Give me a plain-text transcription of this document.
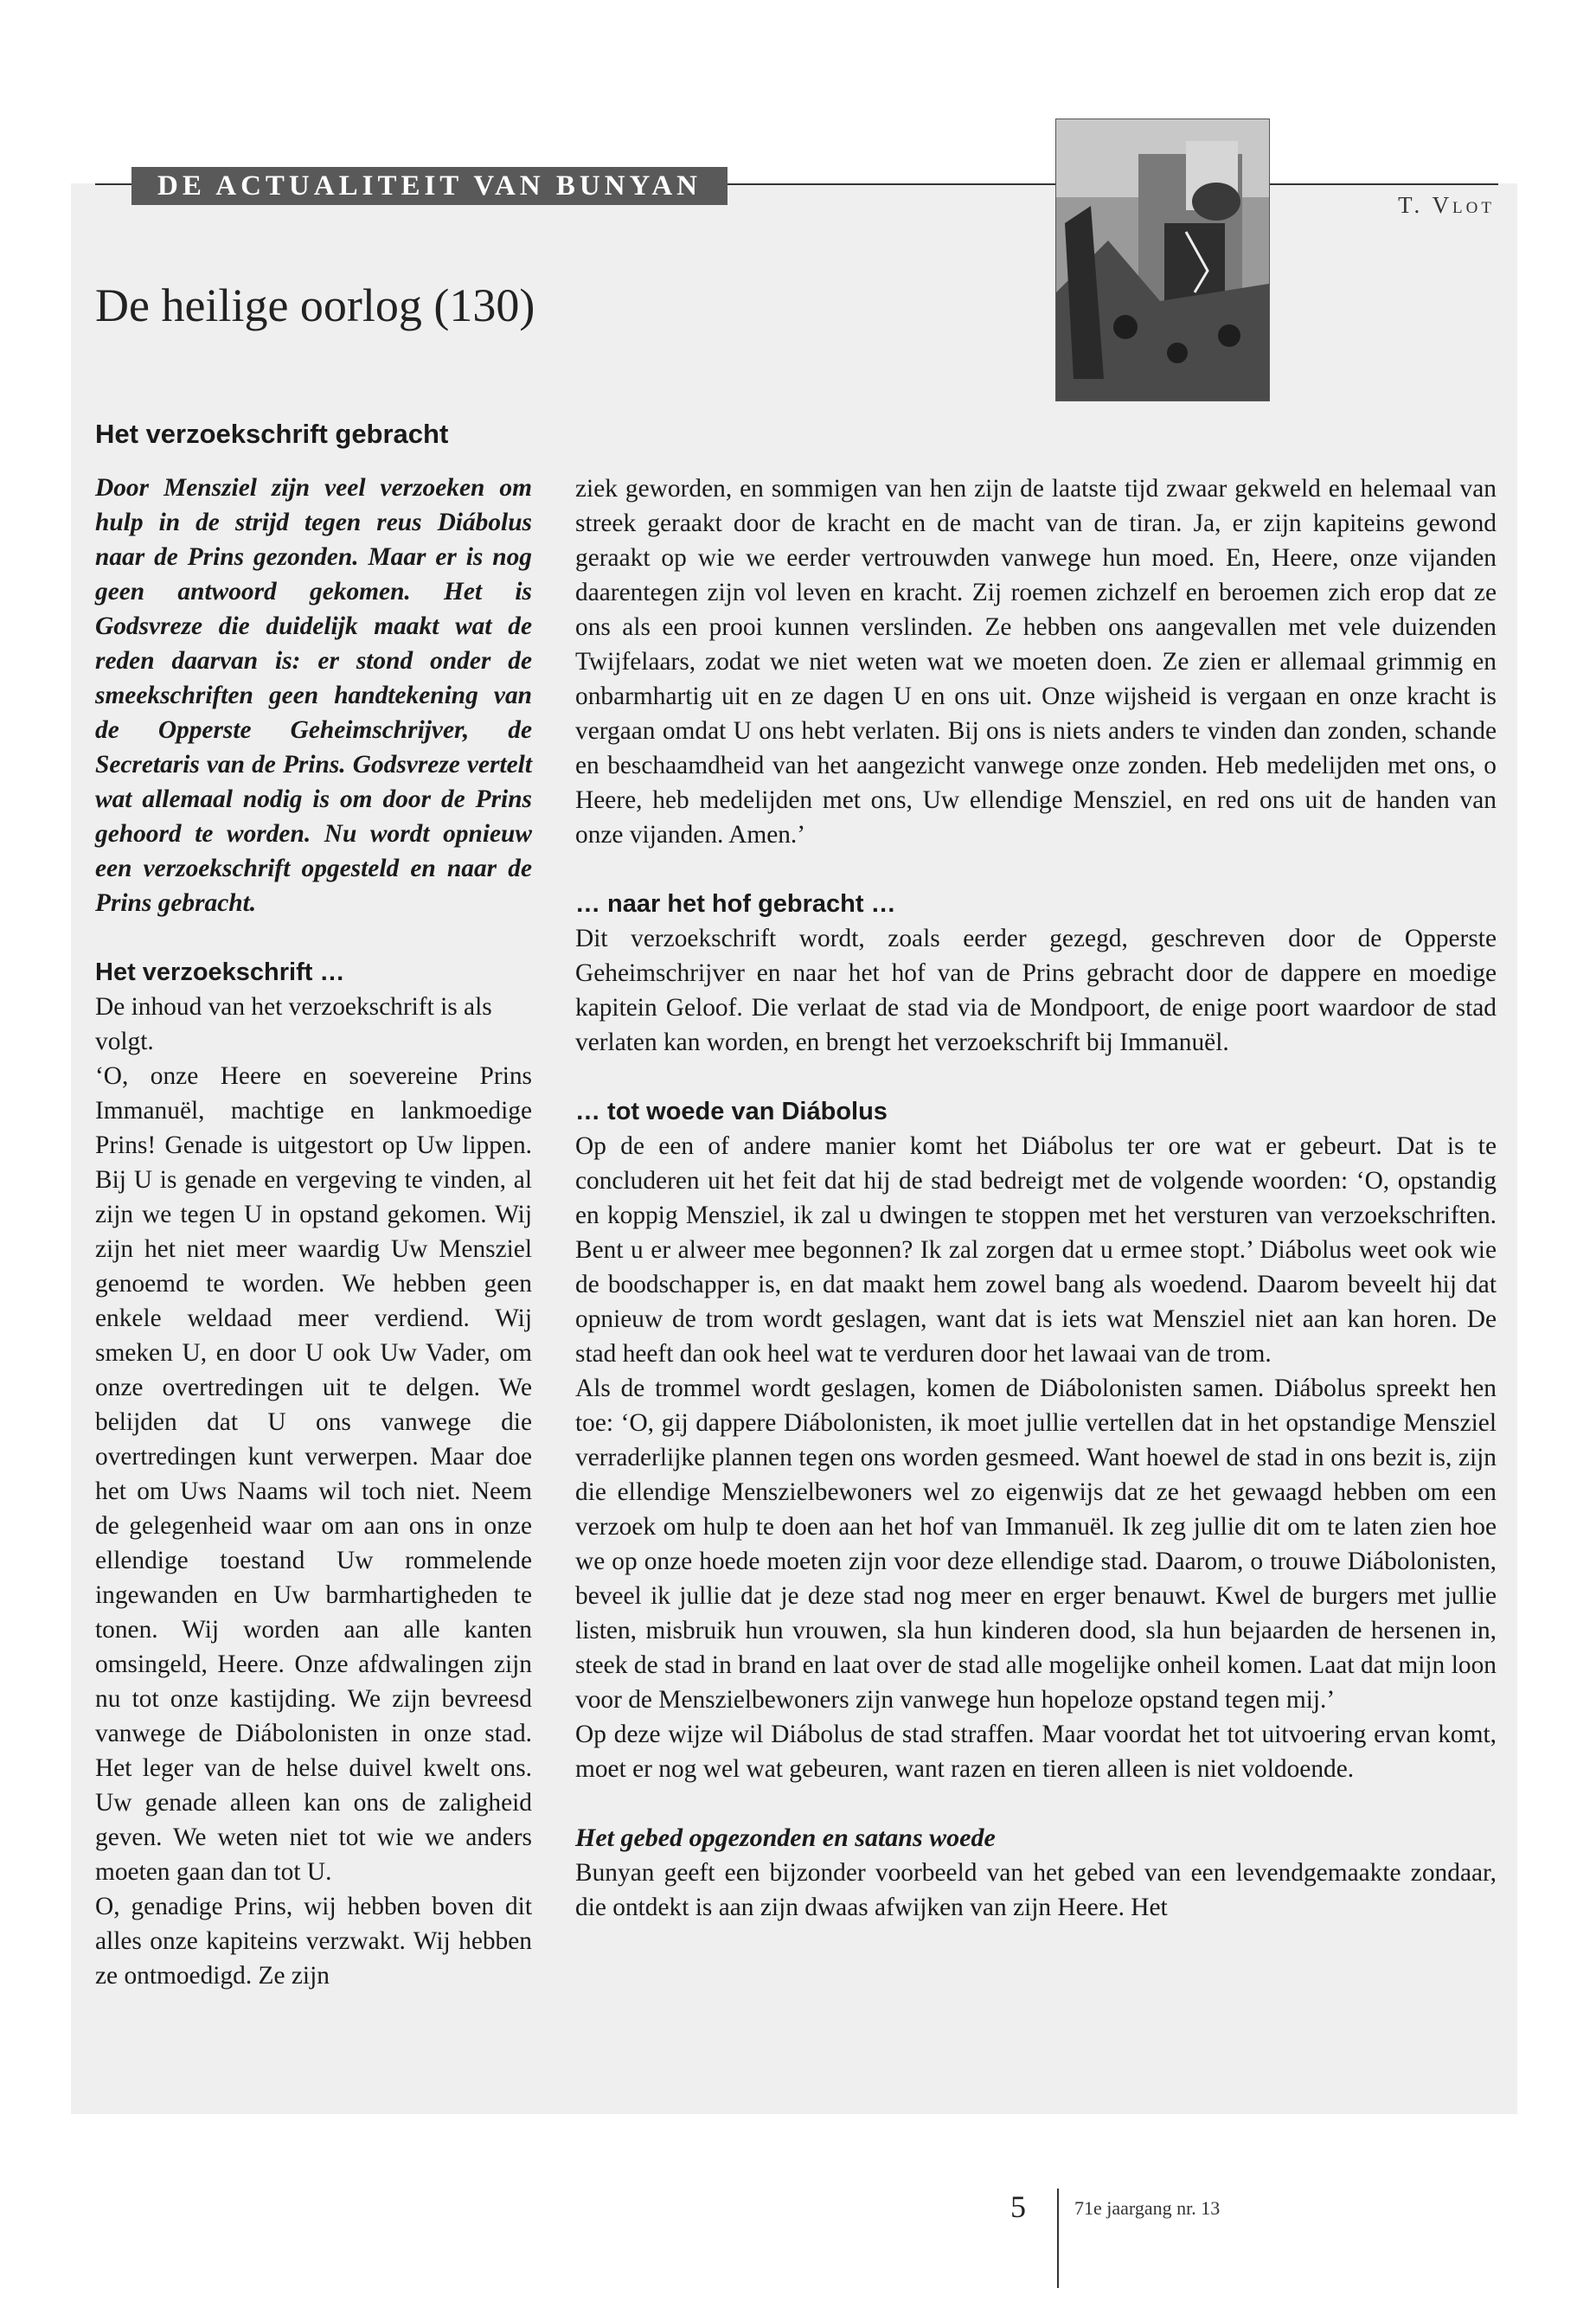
DE ACTUALITEIT VAN BUNYAN
T. Vlot
De heilige oorlog (130)
Het verzoekschrift gebracht
Door Mensziel zijn veel verzoeken om hulp in de strijd tegen reus Diábolus naar de Prins gezonden. Maar er is nog geen antwoord gekomen. Het is Godsvreze die duidelijk maakt wat de reden daarvan is: er stond onder de smeekschriften geen handtekening van de Opperste Geheimschrijver, de Secretaris van de Prins. Godsvreze vertelt wat allemaal nodig is om door de Prins gehoord te worden. Nu wordt opnieuw een verzoekschrift opgesteld en naar de Prins gebracht.
Het verzoekschrift …
De inhoud van het verzoekschrift is als volgt.
‘O, onze Heere en soevereine Prins Immanuël, machtige en lankmoedige Prins! Genade is uitgestort op Uw lippen. Bij U is genade en vergeving te vinden, al zijn we tegen U in opstand gekomen. Wij zijn het niet meer waardig Uw Mensziel genoemd te worden. We hebben geen enkele weldaad meer verdiend. Wij smeken U, en door U ook Uw Vader, om onze overtredingen uit te delgen. We belijden dat U ons vanwege die overtredingen kunt verwerpen. Maar doe het om Uws Naams wil toch niet. Neem de gelegenheid waar om aan ons in onze ellendige toestand Uw rommelende ingewanden en Uw barmhartigheden te tonen. Wij worden aan alle kanten omsingeld, Heere. Onze afdwalingen zijn nu tot onze kastijding. We zijn bevreesd vanwege de Diábolonisten in onze stad. Het leger van de helse duivel kwelt ons. Uw genade alleen kan ons de zaligheid geven. We weten niet tot wie we anders moeten gaan dan tot U.
O, genadige Prins, wij hebben boven dit alles onze kapiteins verzwakt. Wij hebben ze ontmoedigd. Ze zijn
ziek geworden, en sommigen van hen zijn de laatste tijd zwaar gekweld en helemaal van streek geraakt door de kracht en de macht van de tiran. Ja, er zijn kapiteins gewond geraakt op wie we eerder vertrouwden vanwege hun moed. En, Heere, onze vijanden daarentegen zijn vol leven en kracht. Zij roemen zichzelf en beroemen zich erop dat ze ons als een prooi kunnen verslinden. Ze hebben ons aangevallen met vele duizenden Twijfelaars, zodat we niet weten wat we moeten doen. Ze zien er allemaal grimmig en onbarmhartig uit en ze dagen U en ons uit. Onze wijsheid is vergaan en onze kracht is vergaan omdat U ons hebt verlaten. Bij ons is niets anders te vinden dan zonden, schande en beschaamdheid van het aangezicht vanwege onze zonden. Heb medelijden met ons, o Heere, heb medelijden met ons, Uw ellendige Mensziel, en red ons uit de handen van onze vijanden. Amen.’
… naar het hof gebracht …
Dit verzoekschrift wordt, zoals eerder gezegd, geschreven door de Opperste Geheimschrijver en naar het hof van de Prins gebracht door de dappere en moedige kapitein Geloof. Die verlaat de stad via de Mondpoort, de enige poort waardoor de stad verlaten kan worden, en brengt het verzoekschrift bij Immanuël.
… tot woede van Diábolus
Op de een of andere manier komt het Diábolus ter ore wat er gebeurt. Dat is te concluderen uit het feit dat hij de stad bedreigt met de volgende woorden: ‘O, opstandig en koppig Mensziel, ik zal u dwingen te stoppen met het versturen van verzoekschriften. Bent u er alweer mee begonnen? Ik zal zorgen dat u ermee stopt.’ Diábolus weet ook wie de boodschapper is, en dat maakt hem zowel bang als woedend. Daarom beveelt hij dat opnieuw de trom wordt geslagen, want dat is iets wat Mensziel niet aan kan horen. De stad heeft dan ook heel wat te verduren door het lawaai van de trom.
Als de trommel wordt geslagen, komen de Diábolonisten samen. Diábolus spreekt hen toe: ‘O, gij dappere Diábolonisten, ik moet jullie vertellen dat in het opstandige Mensziel verraderlijke plannen tegen ons worden gesmeed. Want hoewel de stad in ons bezit is, zijn die ellendige Menszielbewoners wel zo eigenwijs dat ze het gewaagd hebben om een verzoek om hulp te doen aan het hof van Immanuël. Ik zeg jullie dit om te laten zien hoe we op onze hoede moeten zijn voor deze ellendige stad. Daarom, o trouwe Diábolonisten, beveel ik jullie dat je deze stad nog meer en erger benauwt. Kwel de burgers met jullie listen, misbruik hun vrouwen, sla hun kinderen dood, sla hun bejaarden de hersenen in, steek de stad in brand en laat over de stad alle mogelijke onheil komen. Laat dat mijn loon voor de Menszielbewoners zijn vanwege hun hopeloze opstand tegen mij.’
Op deze wijze wil Diábolus de stad straffen. Maar voordat het tot uitvoering ervan komt, moet er nog wel wat gebeuren, want razen en tieren alleen is niet voldoende.
Het gebed opgezonden en satans woede
Bunyan geeft een bijzonder voorbeeld van het gebed van een levendgemaakte zondaar, die ontdekt is aan zijn dwaas afwijken van zijn Heere. Het
5	71e jaargang nr. 13
